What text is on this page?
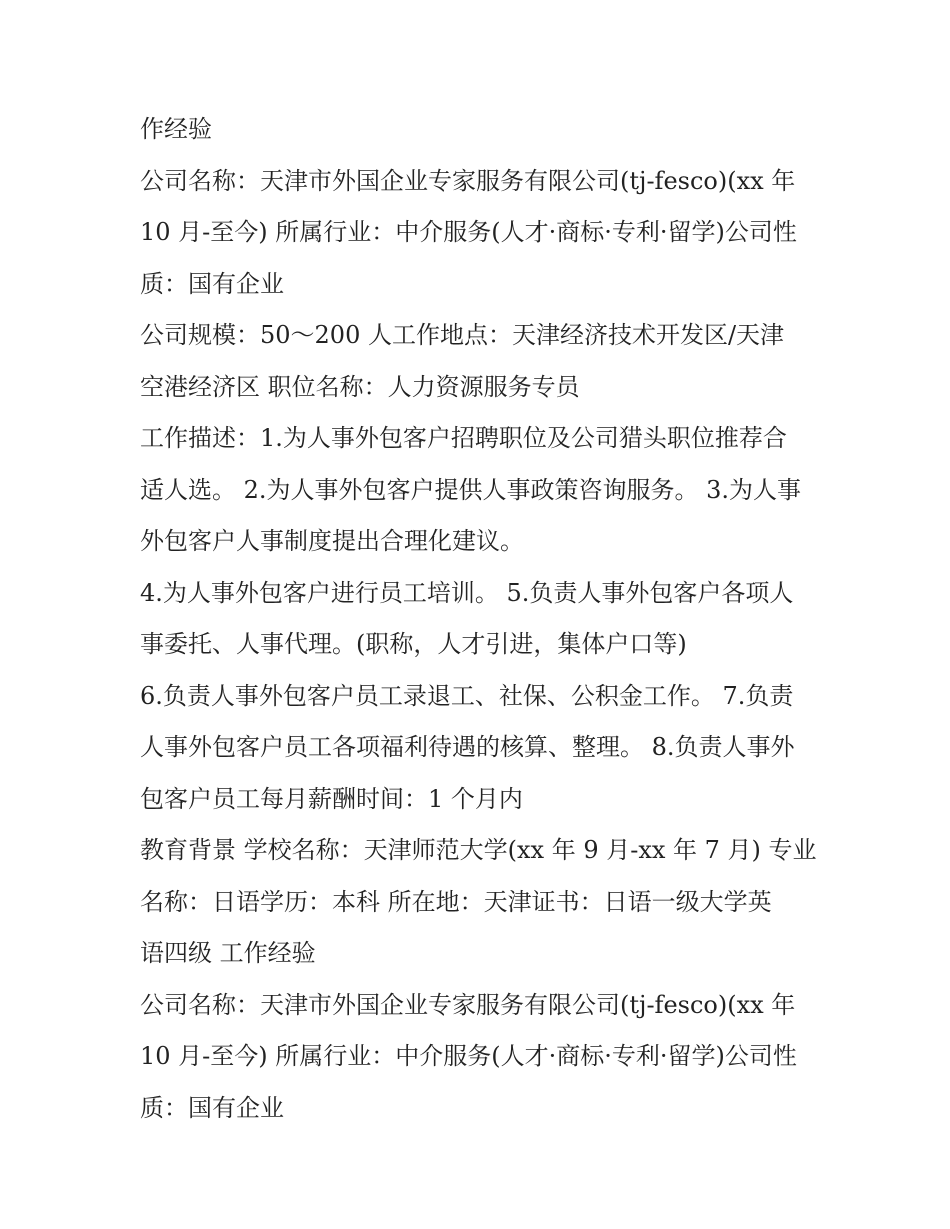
作经验
公司名称：天津市外国企业专家服务有限公司(tj-fesco)(xx 年
10 月-至今) 所属行业：中介服务(人才·商标·专利·留学)公司性
质：国有企业
公司规模：50～200 人工作地点：天津经济技术开发区/天津
空港经济区 职位名称：人力资源服务专员
工作描述：1.为人事外包客户招聘职位及公司猎头职位推荐合
适人选。 2.为人事外包客户提供人事政策咨询服务。 3.为人事
外包客户人事制度提出合理化建议。
4.为人事外包客户进行员工培训。 5.负责人事外包客户各项人
事委托、人事代理。(职称，人才引进，集体户口等)
6.负责人事外包客户员工录退工、社保、公积金工作。 7.负责
人事外包客户员工各项福利待遇的核算、整理。 8.负责人事外
包客户员工每月薪酬时间：1 个月内
教育背景 学校名称：天津师范大学(xx 年 9 月-xx 年 7 月) 专业
名称：日语学历：本科 所在地：天津证书：日语一级大学英
语四级 工作经验
公司名称：天津市外国企业专家服务有限公司(tj-fesco)(xx 年
10 月-至今) 所属行业：中介服务(人才·商标·专利·留学)公司性
质：国有企业
